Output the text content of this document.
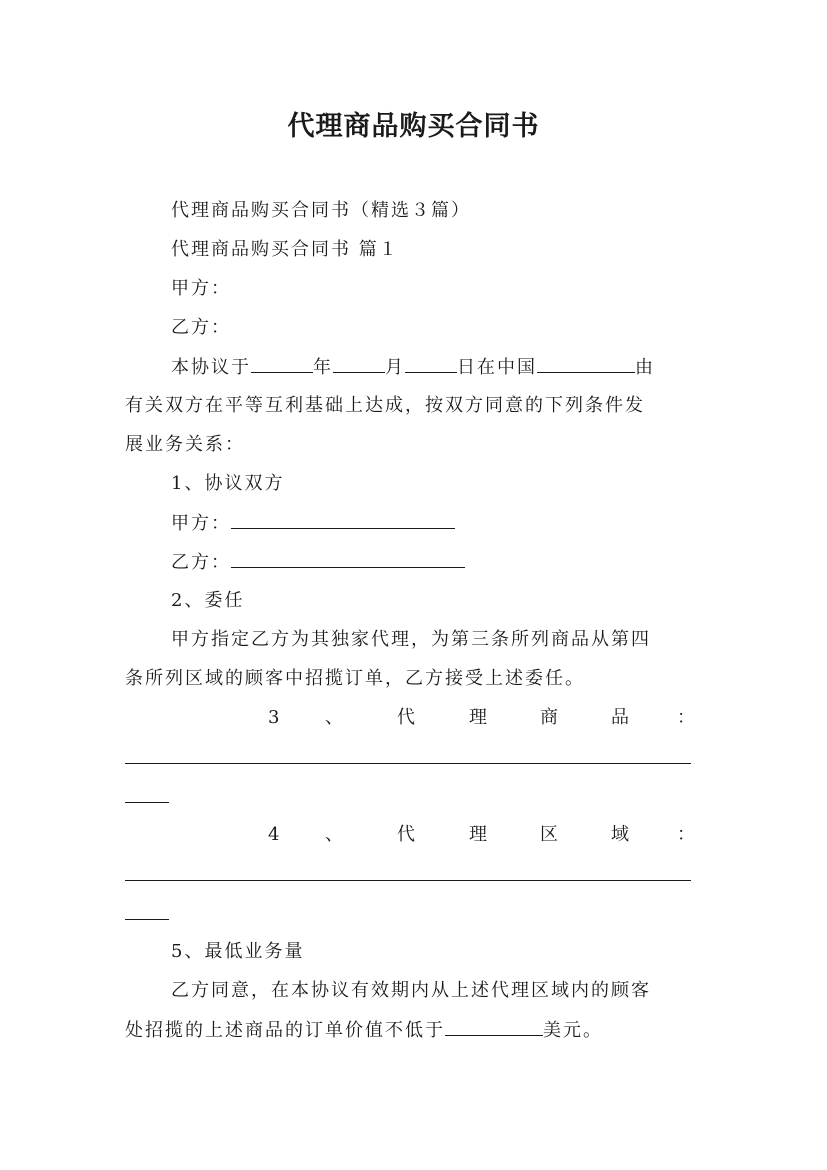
代理商品购买合同书
代理商品购买合同书（精选３篇）
代理商品购买合同书 篇１
甲方：
乙方：
本协议于	年	月	日在中国	由
有关双方在平等互利基础上达成，按双方同意的下列条件发
展业务关系：
1、协议双方
甲方：
乙方：
2、委任
甲方指定乙方为其独家代理，为第三条所列商品从第四
条所列区域的顾客中招揽订单，乙方接受上述委任。
3	、	代	理	商	品	：
4	、	代	理	区	域	：
5、最低业务量
乙方同意，在本协议有效期内从上述代理区域内的顾客
处招揽的上述商品的订单价值不低于	美元。
